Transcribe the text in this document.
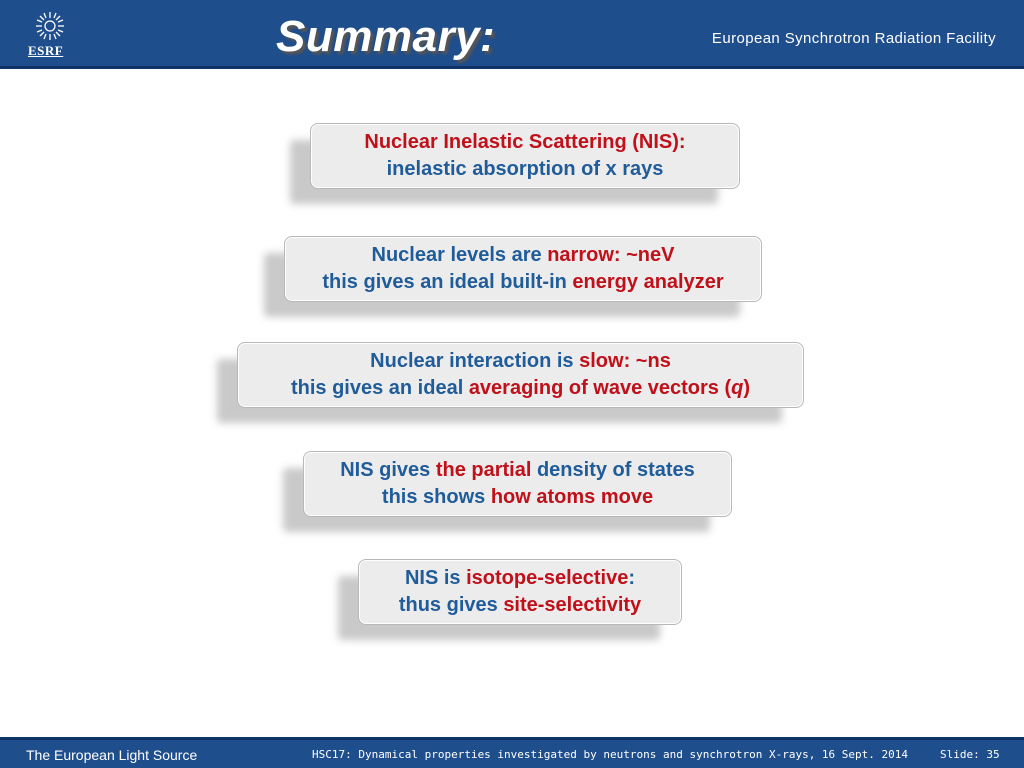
ESRF	Summary:	European Synchrotron Radiation Facility
Nuclear Inelastic Scattering (NIS):
inelastic absorption of x rays
Nuclear levels are narrow: ~neV
this gives an ideal built-in energy analyzer
Nuclear interaction is slow: ~ns
this gives an ideal averaging of wave vectors (q)
NIS gives the partial density of states
this shows how atoms move
NIS is isotope-selective:
thus gives site-selectivity
The European Light Source	HSC17: Dynamical properties investigated by neutrons and synchrotron X-rays, 16 Sept. 2014	Slide: 35
